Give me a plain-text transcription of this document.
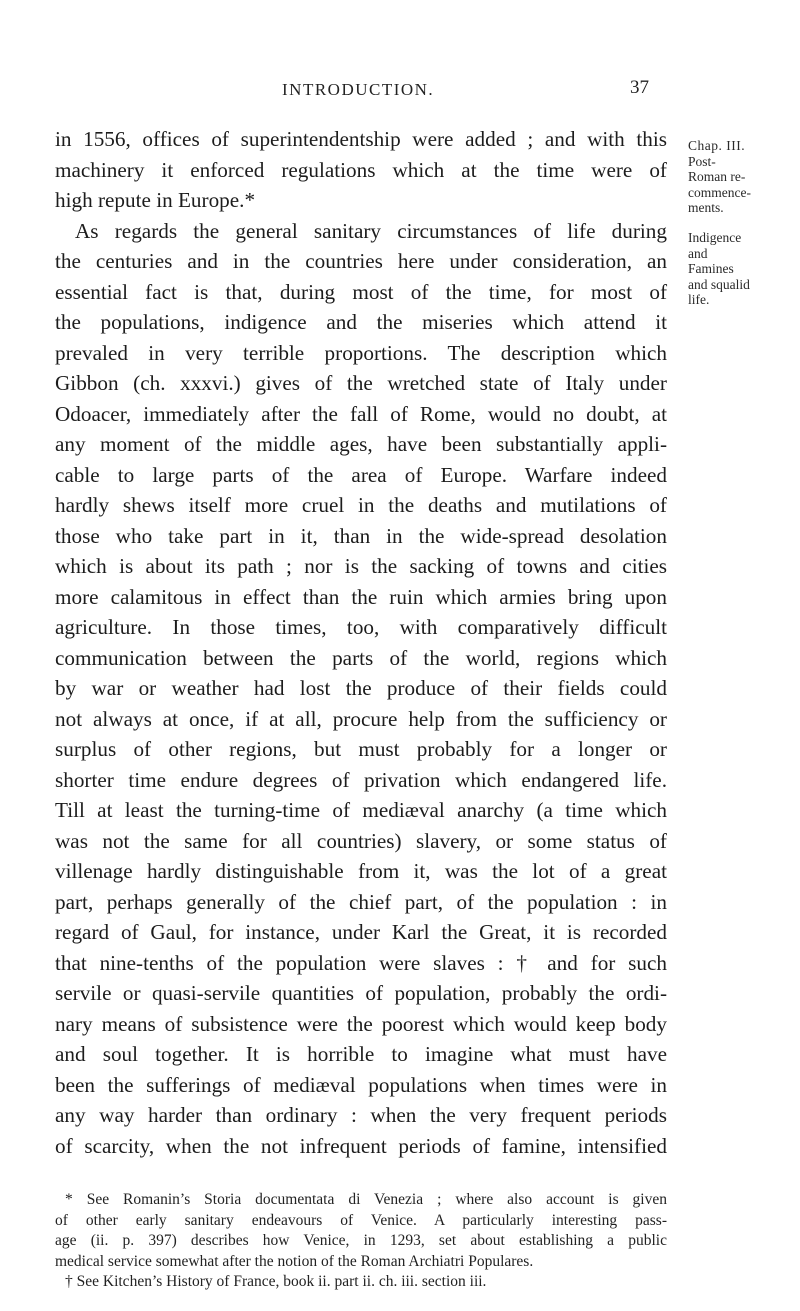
INTRODUCTION.	37
Chap. III.
Post-
Roman re-
commence-
ments.
Indigence
and
Famines
and squalid
life.
in 1556, offices of superintendentship were added ; and with this
machinery it enforced regulations which at the time were of
high repute in Europe.*
As regards the general sanitary circumstances of life during
the centuries and in the countries here under consideration, an
essential fact is that, during most of the time, for most of
the populations, indigence and the miseries which attend it
prevaled in very terrible proportions. The description which
Gibbon (ch. xxxvi.) gives of the wretched state of Italy under
Odoacer, immediately after the fall of Rome, would no doubt, at
any moment of the middle ages, have been substantially appli-
cable to large parts of the area of Europe. Warfare indeed
hardly shews itself more cruel in the deaths and mutilations of
those who take part in it, than in the wide-spread desolation
which is about its path ; nor is the sacking of towns and cities
more calamitous in effect than the ruin which armies bring upon
agriculture. In those times, too, with comparatively difficult
communication between the parts of the world, regions which
by war or weather had lost the produce of their fields could
not always at once, if at all, procure help from the sufficiency or
surplus of other regions, but must probably for a longer or
shorter time endure degrees of privation which endangered life.
Till at least the turning-time of mediæval anarchy (a time which
was not the same for all countries) slavery, or some status of
villenage hardly distinguishable from it, was the lot of a great
part, perhaps generally of the chief part, of the population : in
regard of Gaul, for instance, under Karl the Great, it is recorded
that nine-tenths of the population were slaves : † and for such
servile or quasi-servile quantities of population, probably the ordi-
nary means of subsistence were the poorest which would keep body
and soul together. It is horrible to imagine what must have
been the sufferings of mediæval populations when times were in
any way harder than ordinary : when the very frequent periods
of scarcity, when the not infrequent periods of famine, intensified
* See Romanin’s Storia documentata di Venezia ; where also account is given
of other early sanitary endeavours of Venice. A particularly interesting pass-
age (ii. p. 397) describes how Venice, in 1293, set about establishing a public
medical service somewhat after the notion of the Roman Archiatri Populares.
† See Kitchen’s History of France, book ii. part ii. ch. iii. section iii.
